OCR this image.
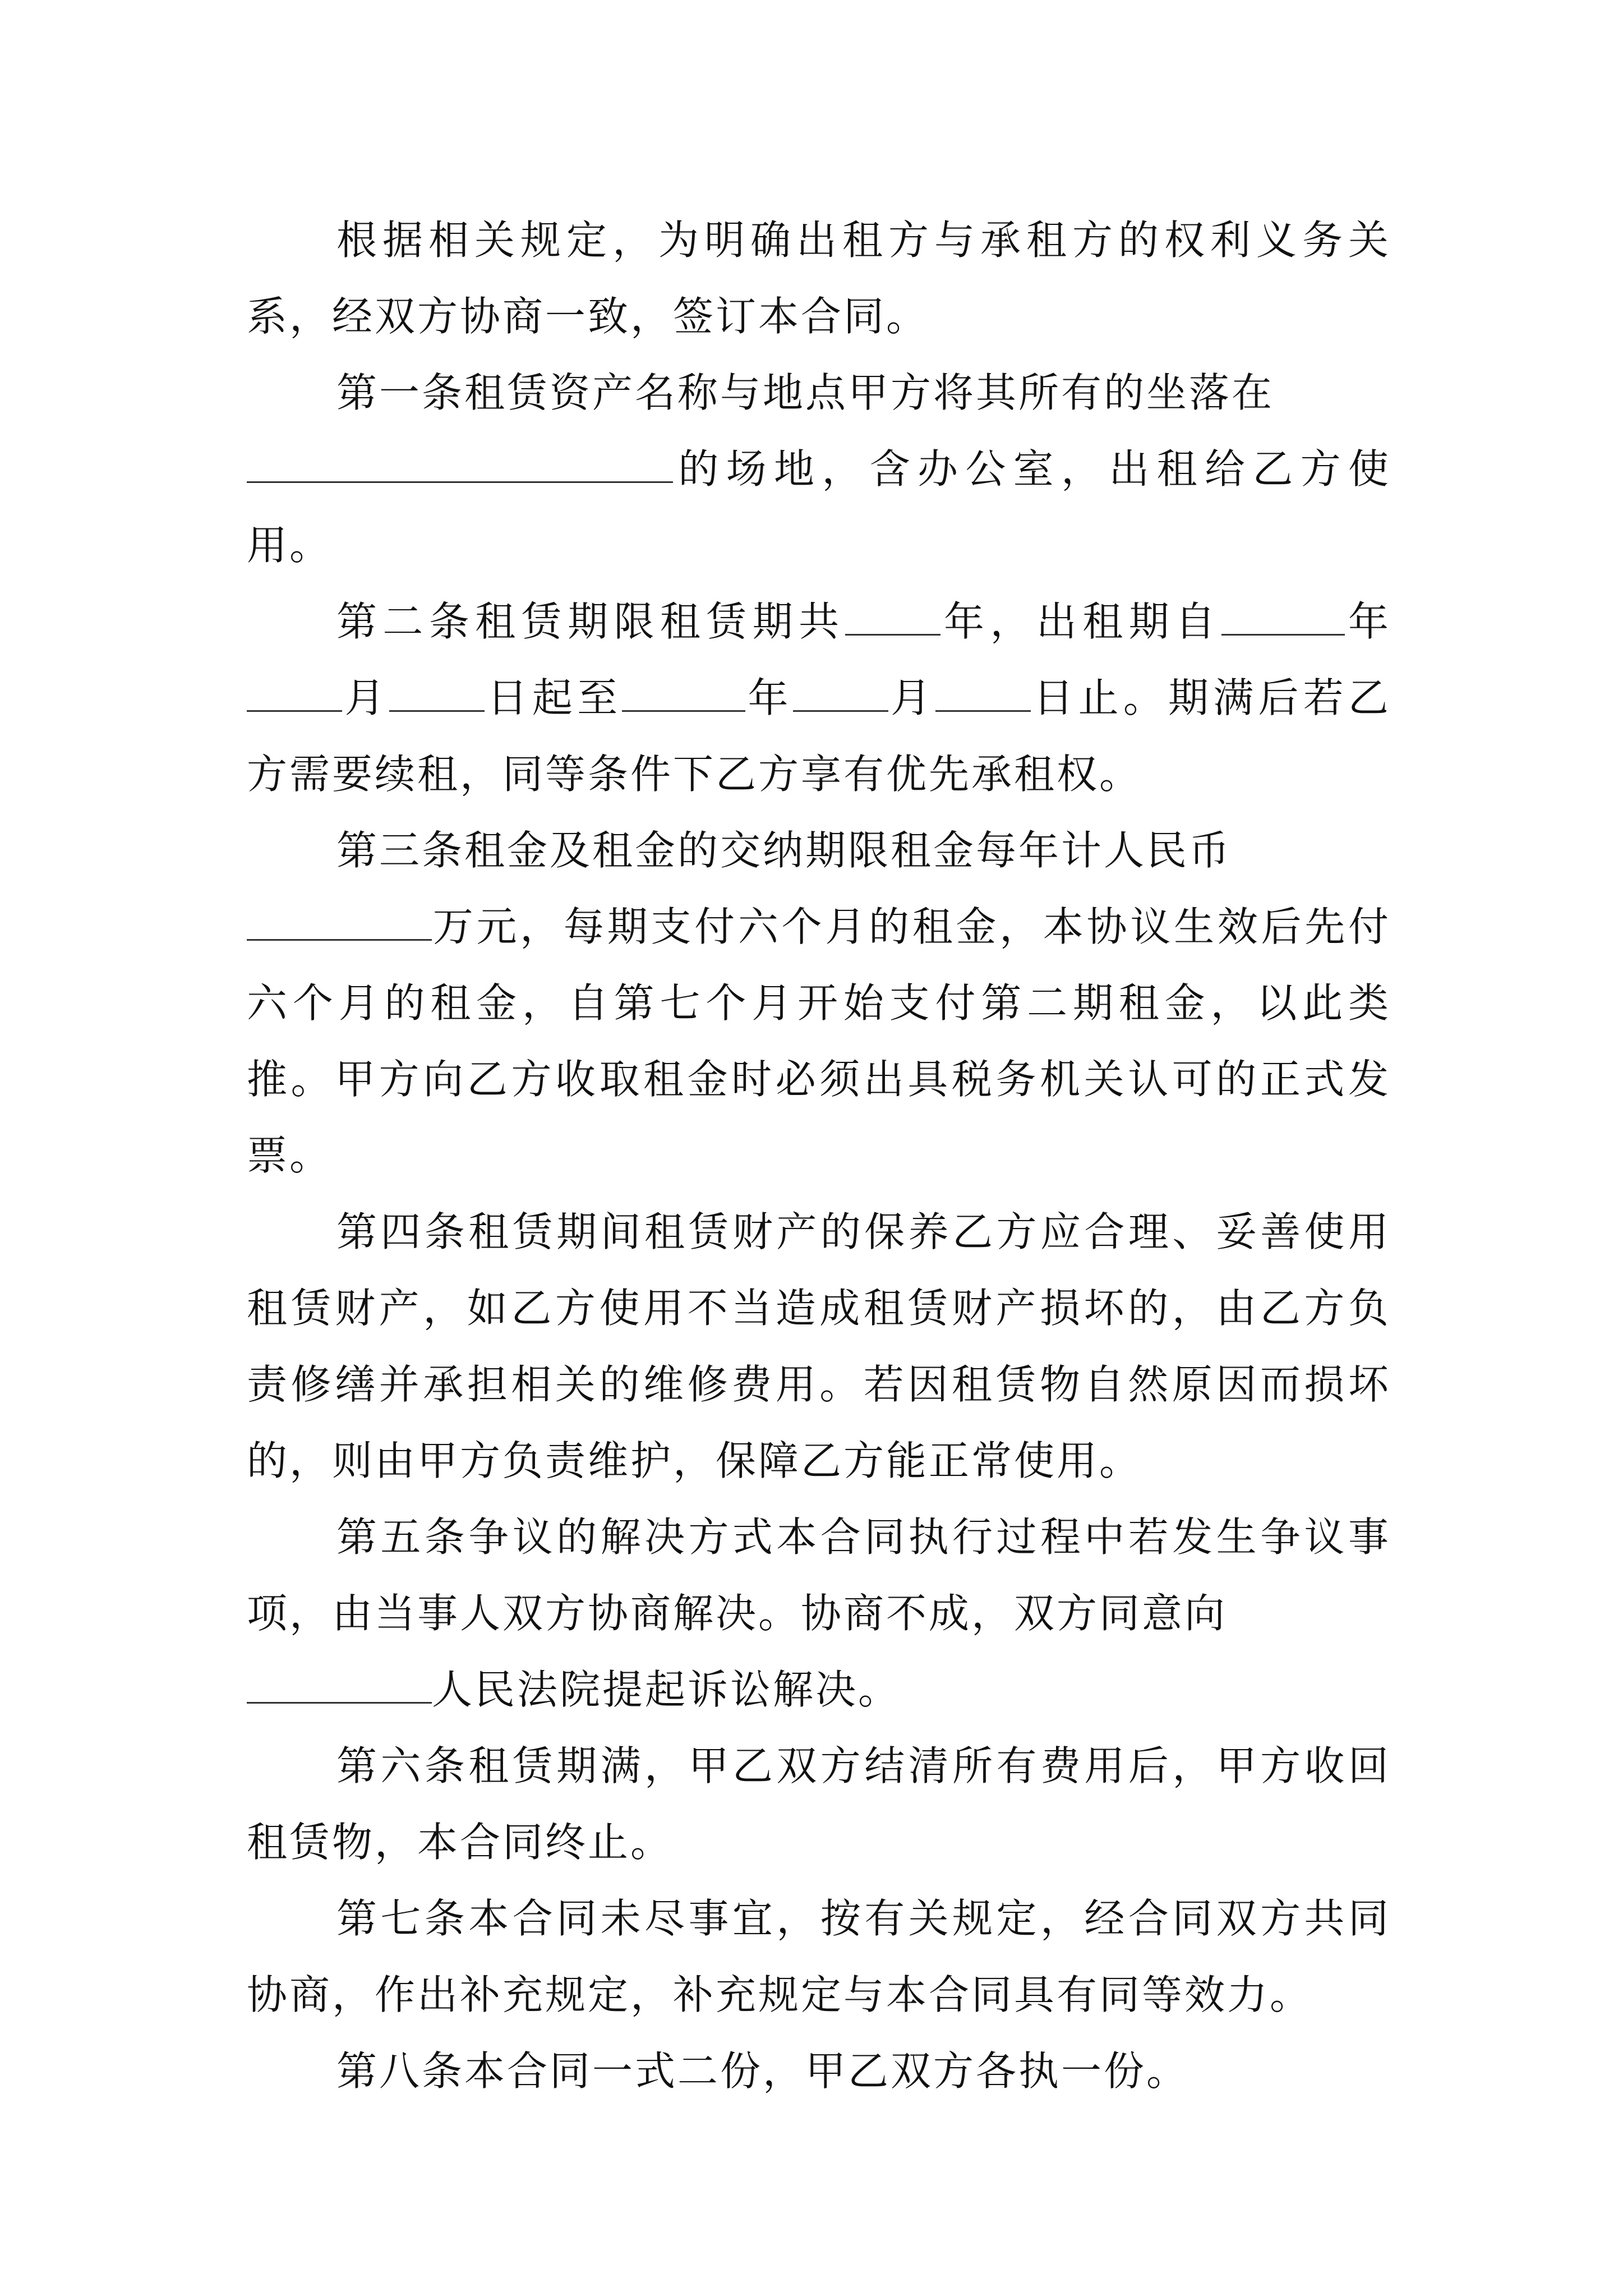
根据相关规定，为明确出租方与承租方的权利义务关系，经双方协商一致，签订本合同。

第一条租赁资产名称与地点甲方将其所有的坐落在
的场地，含办公室，出租给乙方使用。

第二条租赁期限租赁期共 年，出租期自	年月 日起至	年 月 日止。期满后若乙方需要续租，同等条件下乙方享有优先承租权。

第三条租金及租金的交纳期限租金每年计人民币
万元，每期支付六个月的租金，本协议生效后先付六个月的租金，自第七个月开始支付第二期租金，以此类推。甲方向乙方收取租金时必须出具税务机关认可的正式发票。

第四条租赁期间租赁财产的保养乙方应合理、妥善使用租赁财产，如乙方使用不当造成租赁财产损坏的，由乙方负责修缮并承担相关的维修费用。若因租赁物自然原因而损坏的，则由甲方负责维护，保障乙方能正常使用。

第五条争议的解决方式本合同执行过程中若发生争议事项，由当事人双方协商解决。协商不成，双方同意向
人民法院提起诉讼解决。

第六条租赁期满，甲乙双方结清所有费用后，甲方收回租赁物，本合同终止。

第七条本合同未尽事宜，按有关规定，经合同双方共同协商，作出补充规定，补充规定与本合同具有同等效力。

第八条本合同一式二份，甲乙双方各执一份。
